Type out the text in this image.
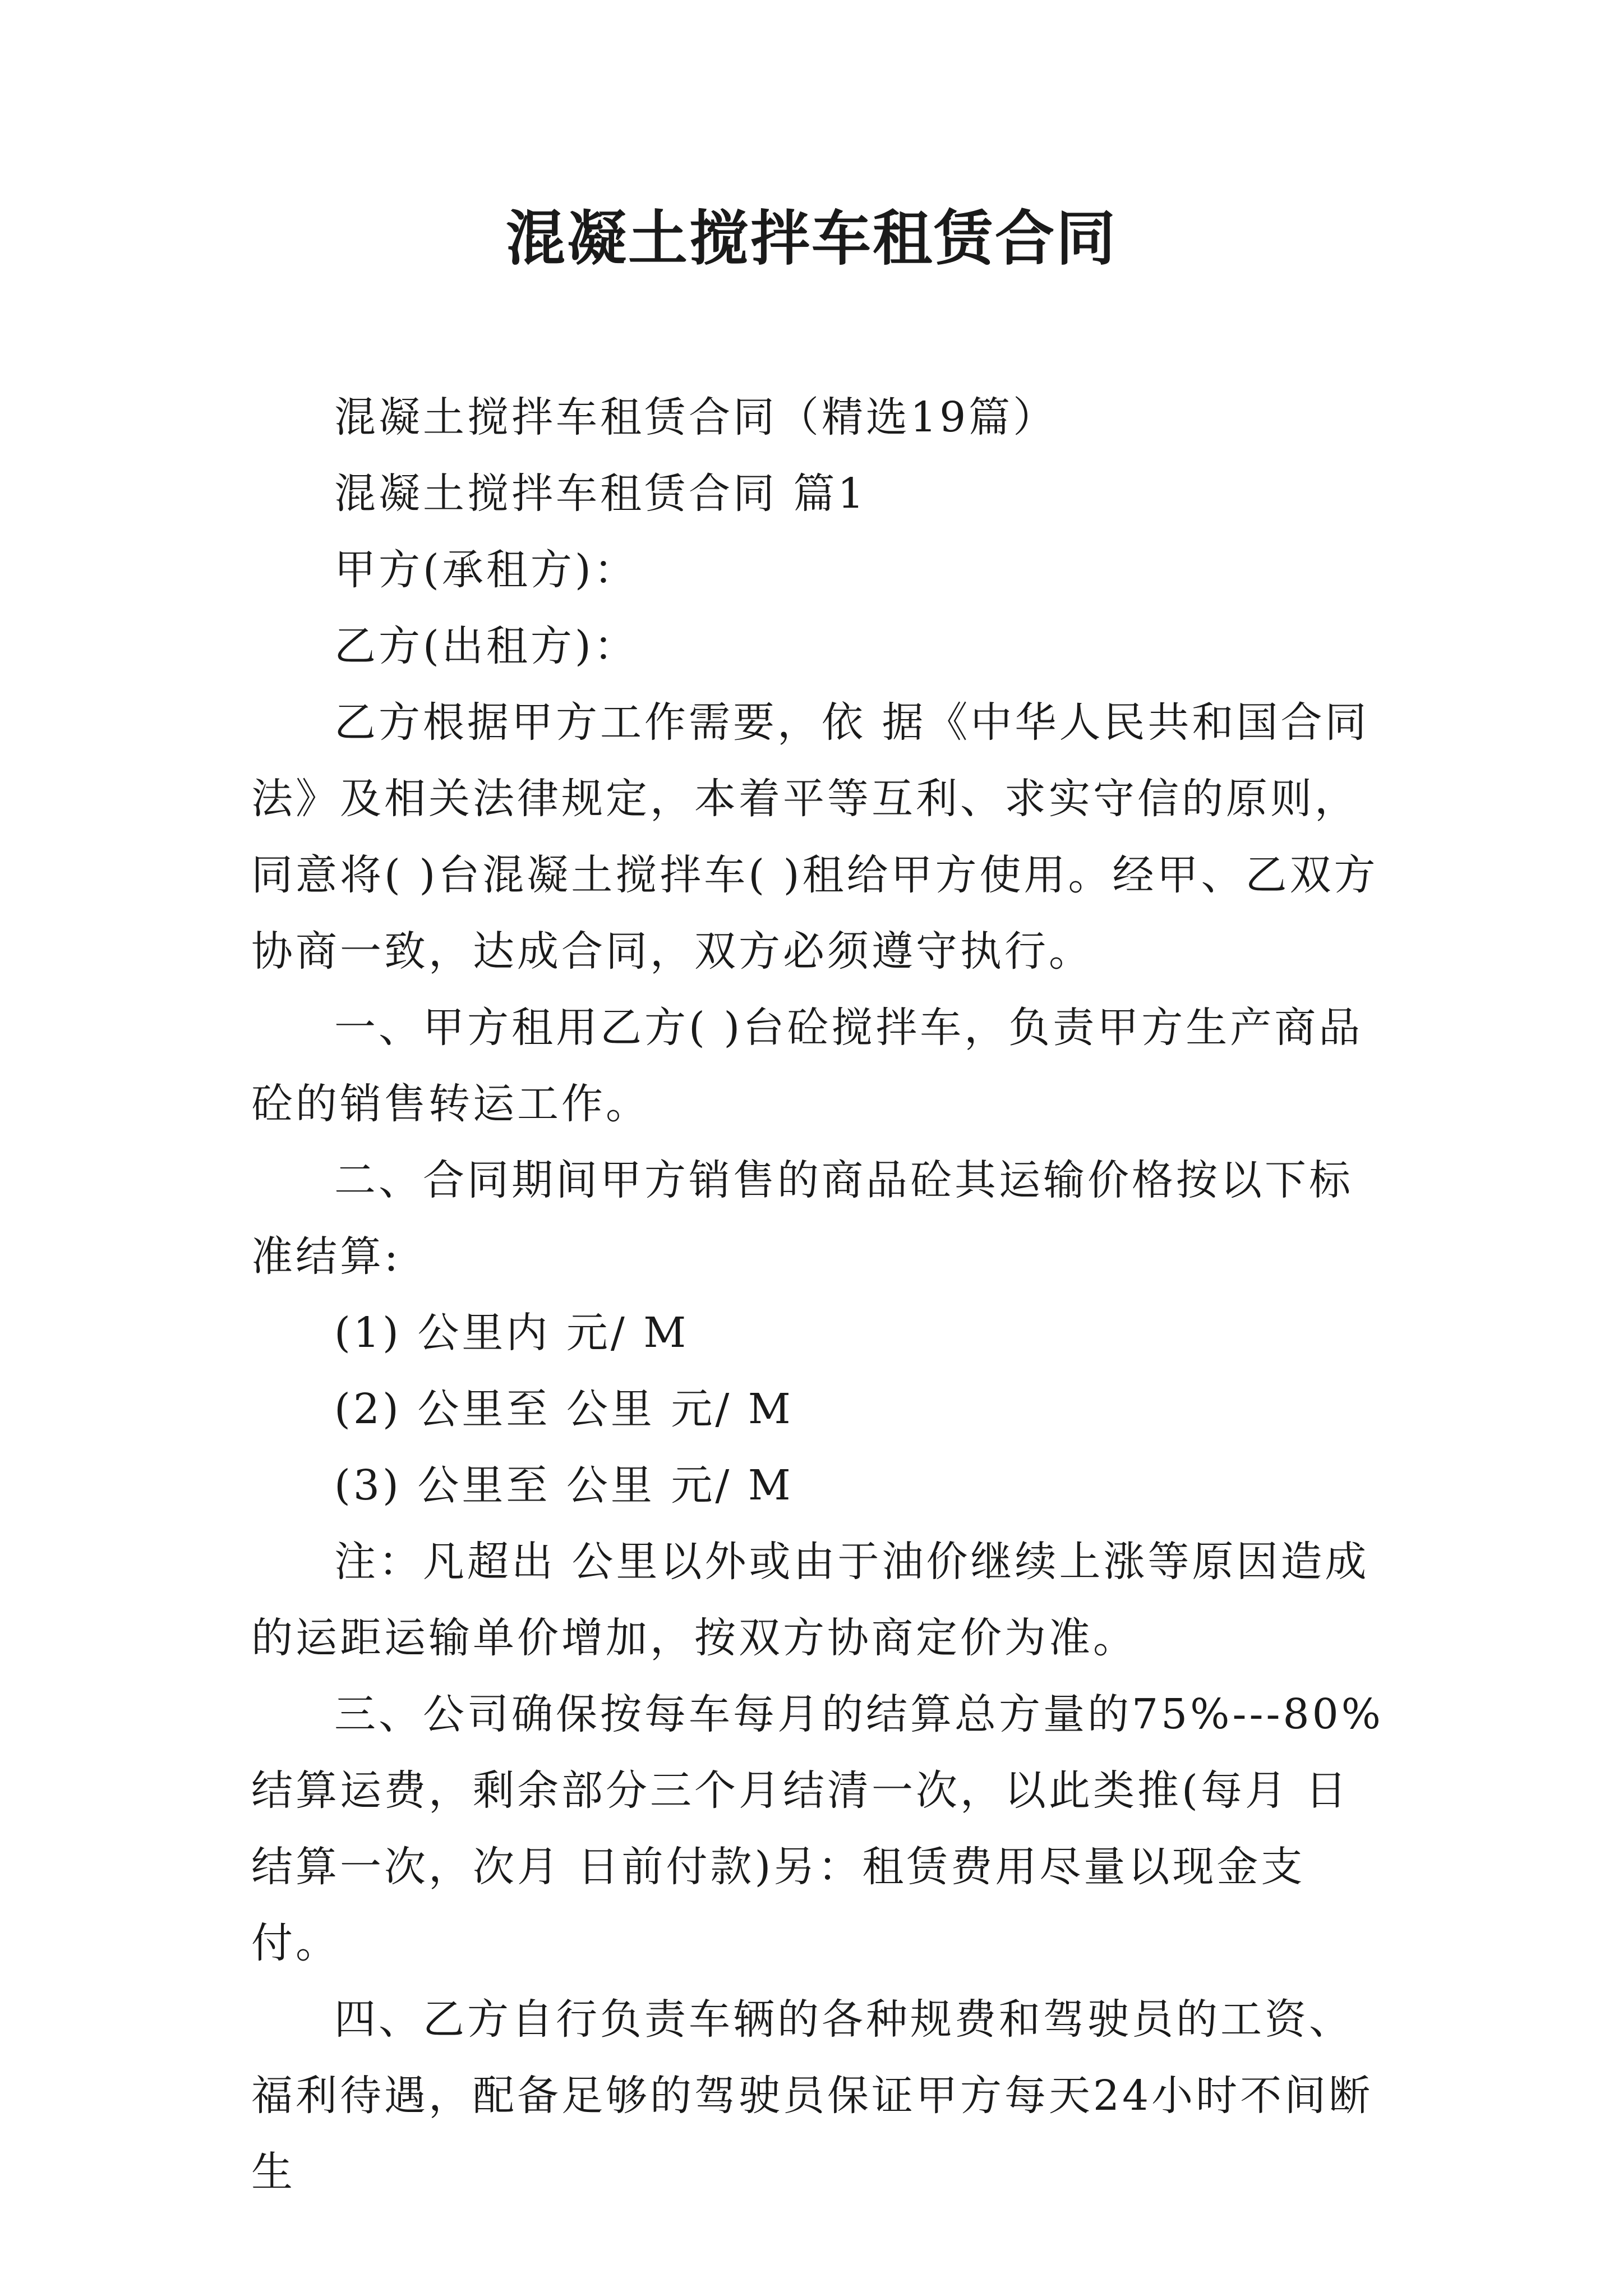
混凝土搅拌车租赁合同

混凝土搅拌车租赁合同（精选19篇）

混凝土搅拌车租赁合同 篇1

甲方(承租方)：

乙方(出租方)：

乙方根据甲方工作需要，依 据《中华人民共和国合同法》及相关法律规定，本着平等互利、求实守信的原则，同意将( )台混凝土搅拌车( )租给甲方使用。经甲、乙双方协商一致，达成合同，双方必须遵守执行。

一、甲方租用乙方( )台砼搅拌车，负责甲方生产商品砼的销售转运工作。

二、合同期间甲方销售的商品砼其运输价格按以下标准结算:

(1) 公里内 元/ M

(2) 公里至 公里 元/ M

(3) 公里至 公里 元/ M

注：凡超出 公里以外或由于油价继续上涨等原因造成的运距运输单价增加，按双方协商定价为准。

三、公司确保按每车每月的结算总方量的75%---80%结算运费，剩余部分三个月结清一次，以此类推(每月 日结算一次，次月 日前付款)另：租赁费用尽量以现金支付。

四、乙方自行负责车辆的各种规费和驾驶员的工资、福利待遇，配备足够的驾驶员保证甲方每天24小时不间断生
